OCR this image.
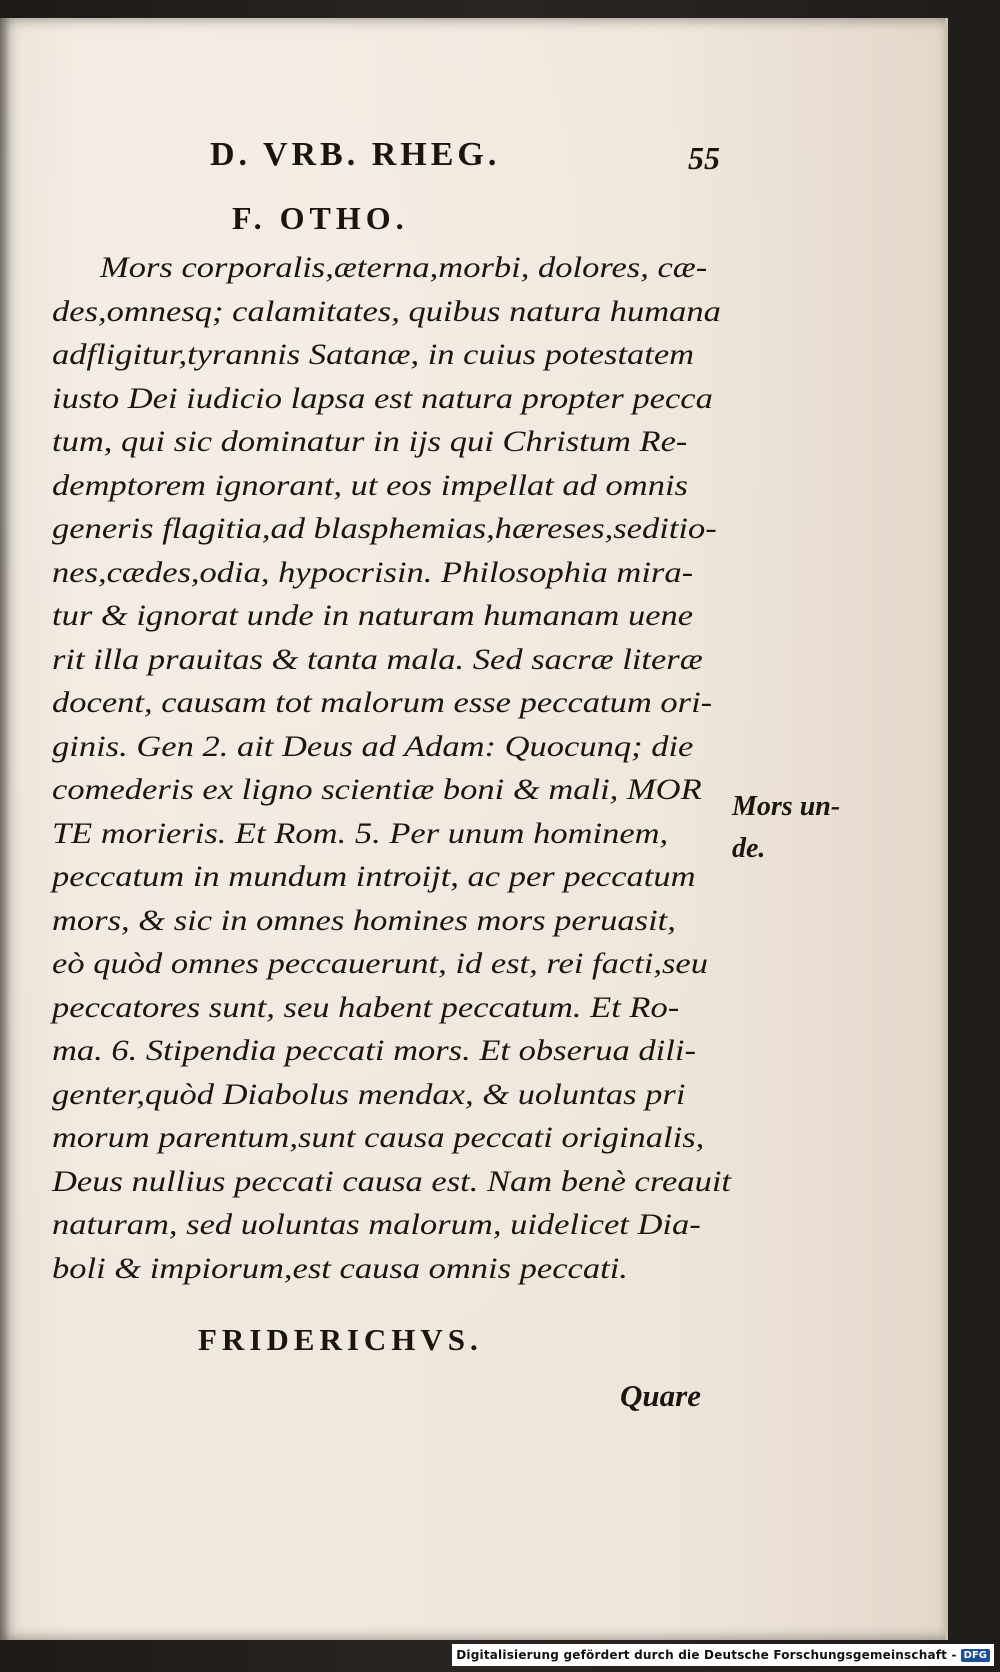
D. VRB. RHEG.	55
F. OTHO.
Mors corporalis,æterna,morbi, dolores, cæ-
des,omnesq; calamitates, quibus natura humana
adfligitur,tyrannis Satanæ, in cuius potestatem
iusto Dei iudicio lapsa est natura propter pecca
tum, qui sic dominatur in ijs qui Christum Re-
demptorem ignorant, ut eos impellat ad omnis
generis flagitia,ad blasphemias,hæreses,seditio-
nes,cædes,odia, hypocrisin. Philosophia mira-
tur & ignorat unde in naturam humanam uene
rit illa prauitas & tanta mala. Sed sacræ literæ
docent, causam tot malorum esse peccatum ori-
ginis. Gen 2. ait Deus ad Adam: Quocunq; die
comederis ex ligno scientiæ boni & mali, MOR
TE morieris. Et Rom. 5. Per unum hominem,
peccatum in mundum introijt, ac per peccatum
mors, & sic in omnes homines mors peruasit,
eò quòd omnes peccauerunt, id est, rei facti,seu
peccatores sunt, seu habent peccatum. Et Ro-
ma. 6. Stipendia peccati mors. Et obserua dili-
genter,quòd Diabolus mendax, & uoluntas pri
morum parentum,sunt causa peccati originalis,
Deus nullius peccati causa est. Nam benè creauit
naturam, sed uoluntas malorum, uidelicet Dia-
boli & impiorum,est causa omnis peccati.
Mors un-
de.
FRIDERICHVS.
Quare
Digitalisierung gefördert durch die Deutsche Forschungsgemeinschaft - DFG
